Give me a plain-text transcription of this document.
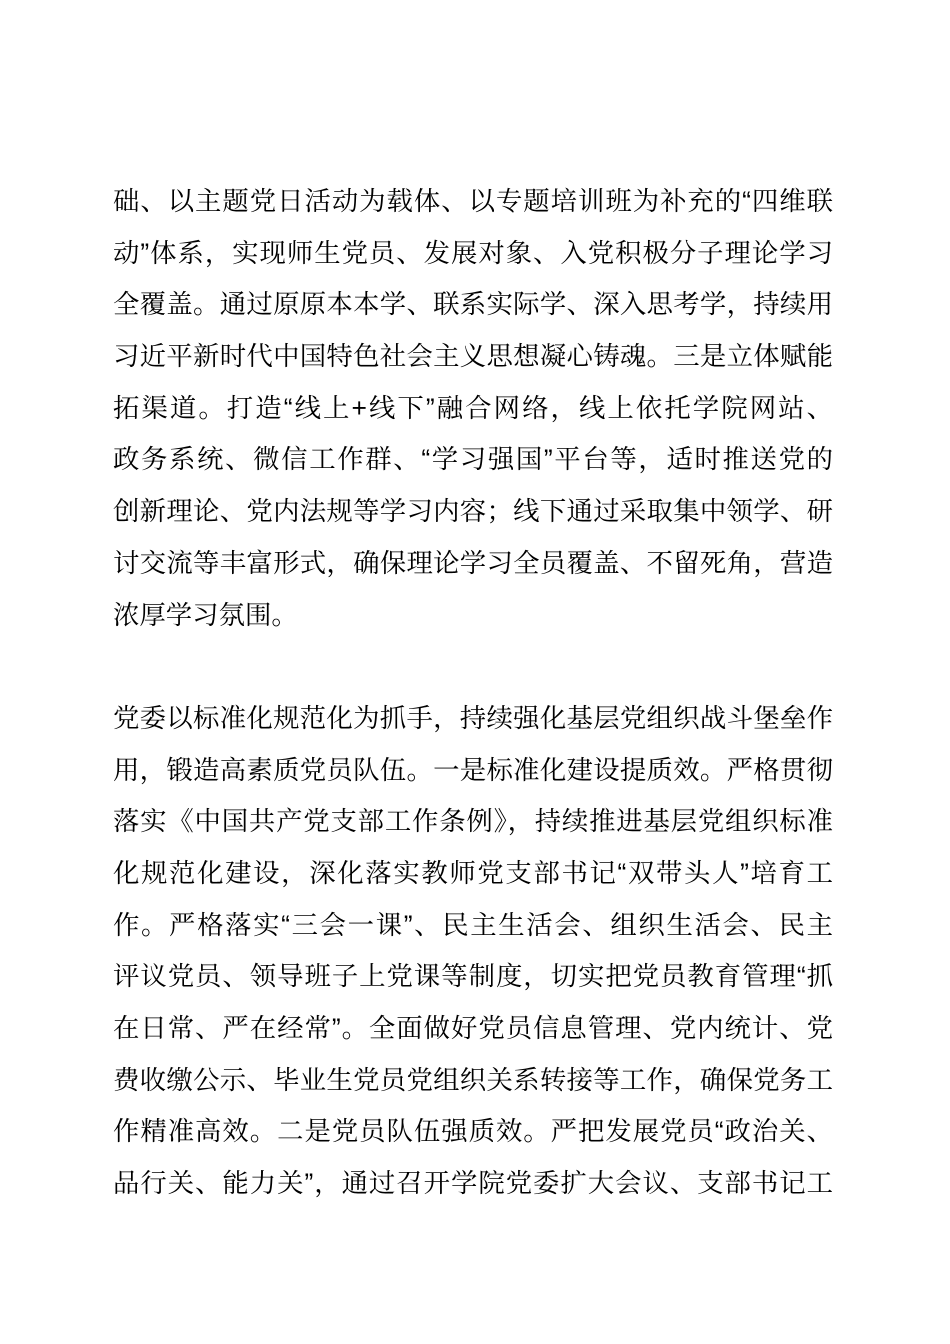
础、以主题党日活动为载体、以专题培训班为补充的“四维联
动”体系，实现师生党员、发展对象、入党积极分子理论学习
全覆盖。通过原原本本学、联系实际学、深入思考学，持续用
习近平新时代中国特色社会主义思想凝心铸魂。三是立体赋能
拓渠道。打造“线上+线下”融合网络，线上依托学院网站、
政务系统、微信工作群、“学习强国”平台等，适时推送党的
创新理论、党内法规等学习内容；线下通过采取集中领学、研
讨交流等丰富形式，确保理论学习全员覆盖、不留死角，营造
浓厚学习氛围。

党委以标准化规范化为抓手，持续强化基层党组织战斗堡垒作
用，锻造高素质党员队伍。一是标准化建设提质效。严格贯彻
落实《中国共产党支部工作条例》，持续推进基层党组织标准
化规范化建设，深化落实教师党支部书记“双带头人”培育工
作。严格落实“三会一课”、民主生活会、组织生活会、民主
评议党员、领导班子上党课等制度，切实把党员教育管理“抓
在日常、严在经常”。全面做好党员信息管理、党内统计、党
费收缴公示、毕业生党员党组织关系转接等工作，确保党务工
作精准高效。二是党员队伍强质效。严把发展党员“政治关、
品行关、能力关”，通过召开学院党委扩大会议、支部书记工
